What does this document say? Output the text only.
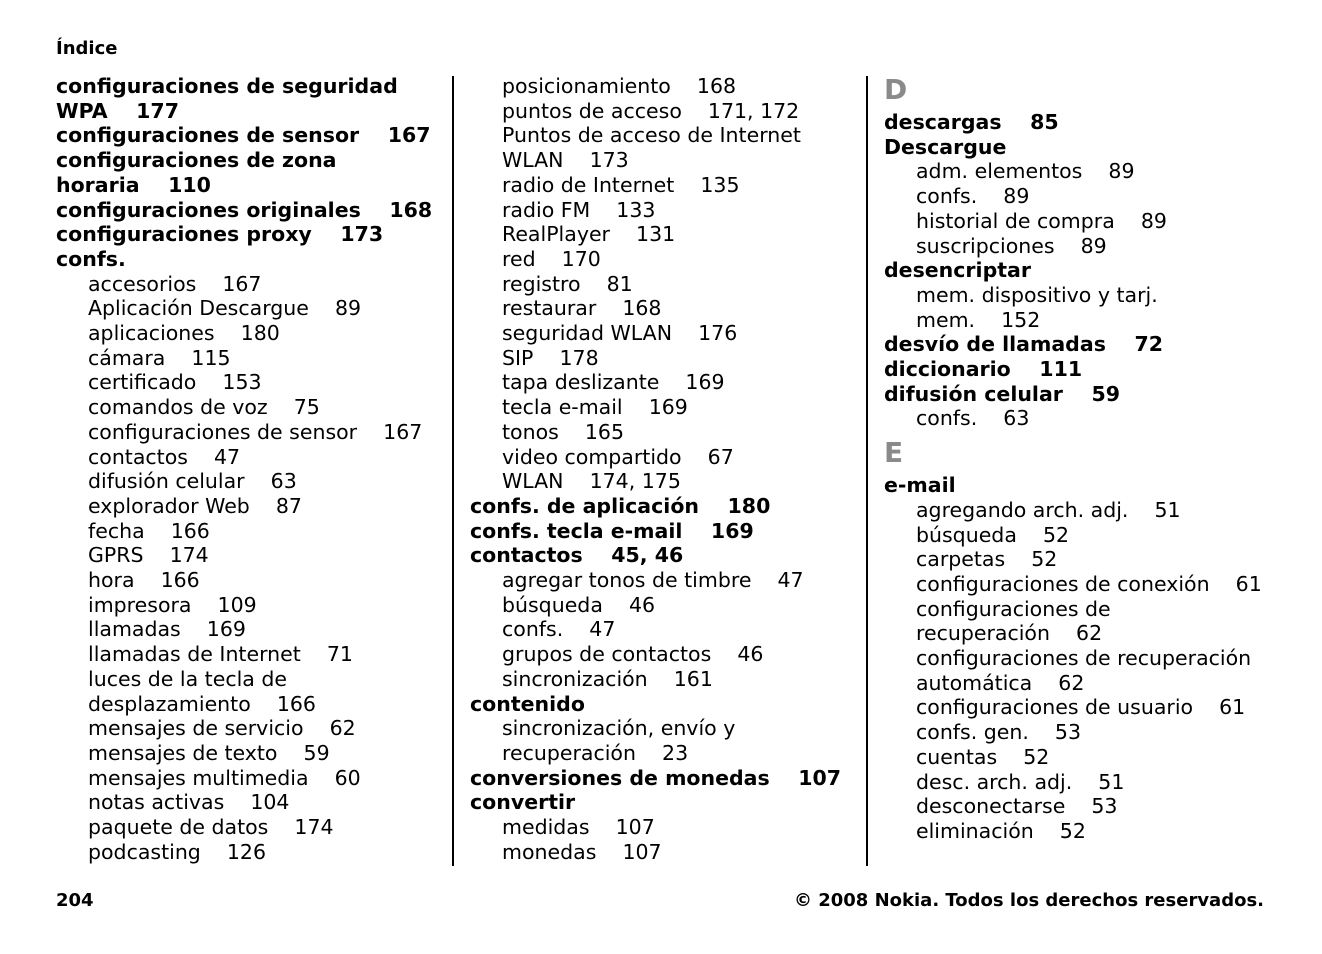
Índice
configuraciones de seguridad
WPA    177
configuraciones de sensor    167
configuraciones de zona
horaria    110
configuraciones originales    168
configuraciones proxy    173
confs.
accesorios    167
Aplicación Descargue    89
aplicaciones    180
cámara    115
certificado    153
comandos de voz    75
configuraciones de sensor    167
contactos    47
difusión celular    63
explorador Web    87
fecha    166
GPRS    174
hora    166
impresora    109
llamadas    169
llamadas de Internet    71
luces de la tecla de
desplazamiento    166
mensajes de servicio    62
mensajes de texto    59
mensajes multimedia    60
notas activas    104
paquete de datos    174
podcasting    126
posicionamiento    168
puntos de acceso    171, 172
Puntos de acceso de Internet
WLAN    173
radio de Internet    135
radio FM    133
RealPlayer    131
red    170
registro    81
restaurar    168
seguridad WLAN    176
SIP    178
tapa deslizante    169
tecla e-mail    169
tonos    165
video compartido    67
WLAN    174, 175
confs. de aplicación    180
confs. tecla e-mail    169
contactos    45, 46
agregar tonos de timbre    47
búsqueda    46
confs.    47
grupos de contactos    46
sincronización    161
contenido
sincronización, envío y
recuperación    23
conversiones de monedas    107
convertir
medidas    107
monedas    107
D
descargas    85
Descargue
adm. elementos    89
confs.    89
historial de compra    89
suscripciones    89
desencriptar
mem. dispositivo y tarj.
mem.    152
desvío de llamadas    72
diccionario    111
difusión celular    59
confs.    63
E
e-mail
agregando arch. adj.    51
búsqueda    52
carpetas    52
configuraciones de conexión    61
configuraciones de
recuperación    62
configuraciones de recuperación
automática    62
configuraciones de usuario    61
confs. gen.    53
cuentas    52
desc. arch. adj.    51
desconectarse    53
eliminación    52
204	© 2008 Nokia. Todos los derechos reservados.
